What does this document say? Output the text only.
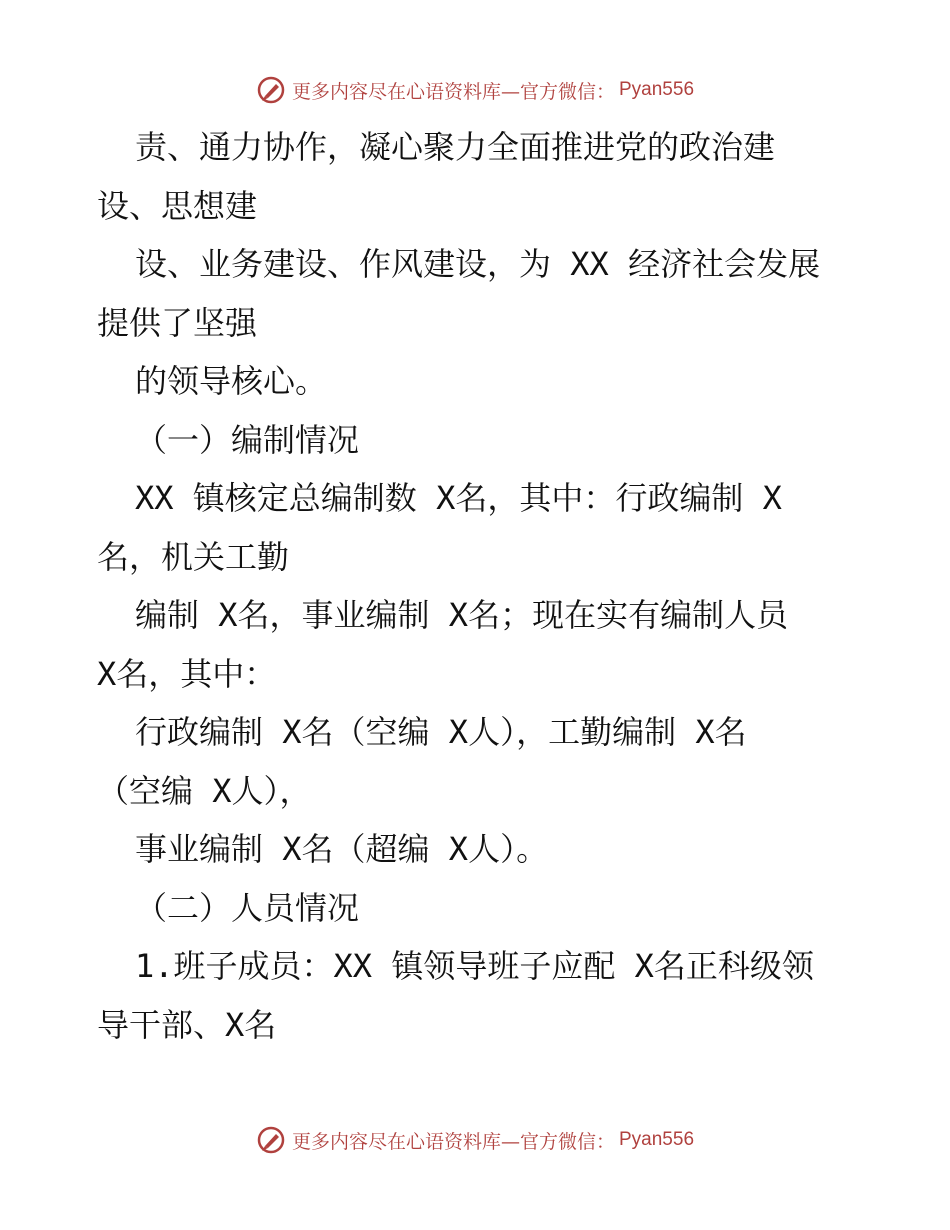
更多内容尽在心语资料库—官方微信： Pyan556
责、通力协作，凝心聚力全面推进党的政治建
设、思想建
设、业务建设、作风建设，为 XX 经济社会发展
提供了坚强
的领导核心。
（一）编制情况
XX 镇核定总编制数 X名，其中：行政编制 X
名，机关工勤
编制 X名，事业编制 X名；现在实有编制人员
X名，其中：
行政编制 X名（空编 X人），工勤编制 X名
（空编 X人），
事业编制 X名（超编 X人）。
（二）人员情况
1.班子成员：XX 镇领导班子应配 X名正科级领
导干部、X名
更多内容尽在心语资料库—官方微信： Pyan556
